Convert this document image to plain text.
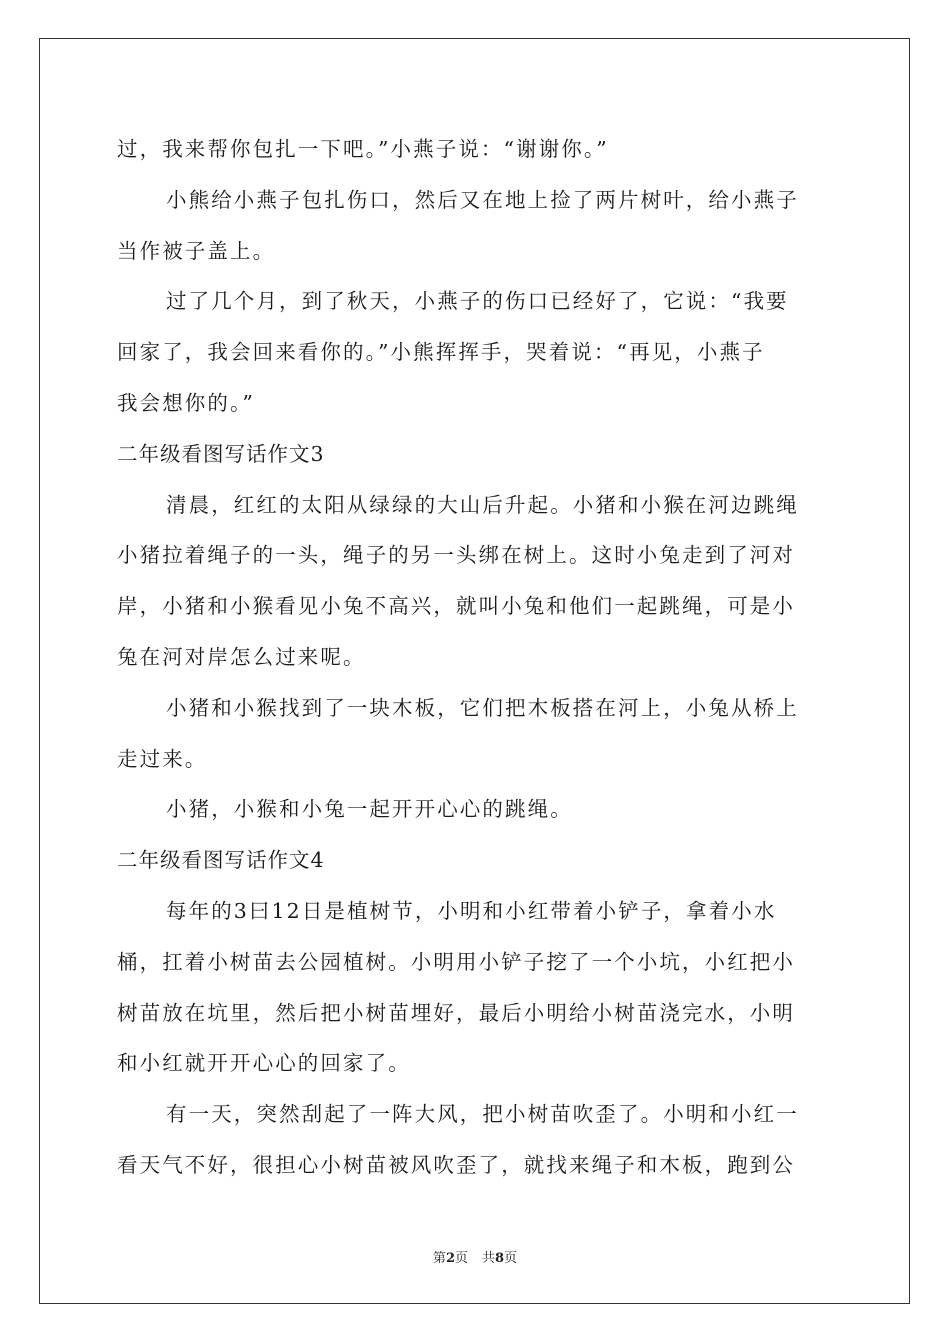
过，我来帮你包扎一下吧。”小燕子说：“谢谢你。”
小熊给小燕子包扎伤口，然后又在地上捡了两片树叶，给小燕子
当作被子盖上。
过了几个月，到了秋天，小燕子的伤口已经好了，它说：“我要
回家了，我会回来看你的。”小熊挥挥手，哭着说：“再见，小燕子
我会想你的。”
二年级看图写话作文3
清晨，红红的太阳从绿绿的大山后升起。小猪和小猴在河边跳绳
小猪拉着绳子的一头，绳子的另一头绑在树上。这时小兔走到了河对
岸，小猪和小猴看见小兔不高兴，就叫小兔和他们一起跳绳，可是小
兔在河对岸怎么过来呢。
小猪和小猴找到了一块木板，它们把木板搭在河上，小兔从桥上
走过来。
小猪，小猴和小兔一起开开心心的跳绳。
二年级看图写话作文4
每年的3曰12日是植树节，小明和小红带着小铲子，拿着小水
桶，扛着小树苗去公园植树。小明用小铲子挖了一个小坑，小红把小
树苗放在坑里，然后把小树苗埋好，最后小明给小树苗浇完水，小明
和小红就开开心心的回家了。
有一天，突然刮起了一阵大风，把小树苗吹歪了。小明和小红一
看天气不好，很担心小树苗被风吹歪了，就找来绳子和木板，跑到公
第2页 共8页
